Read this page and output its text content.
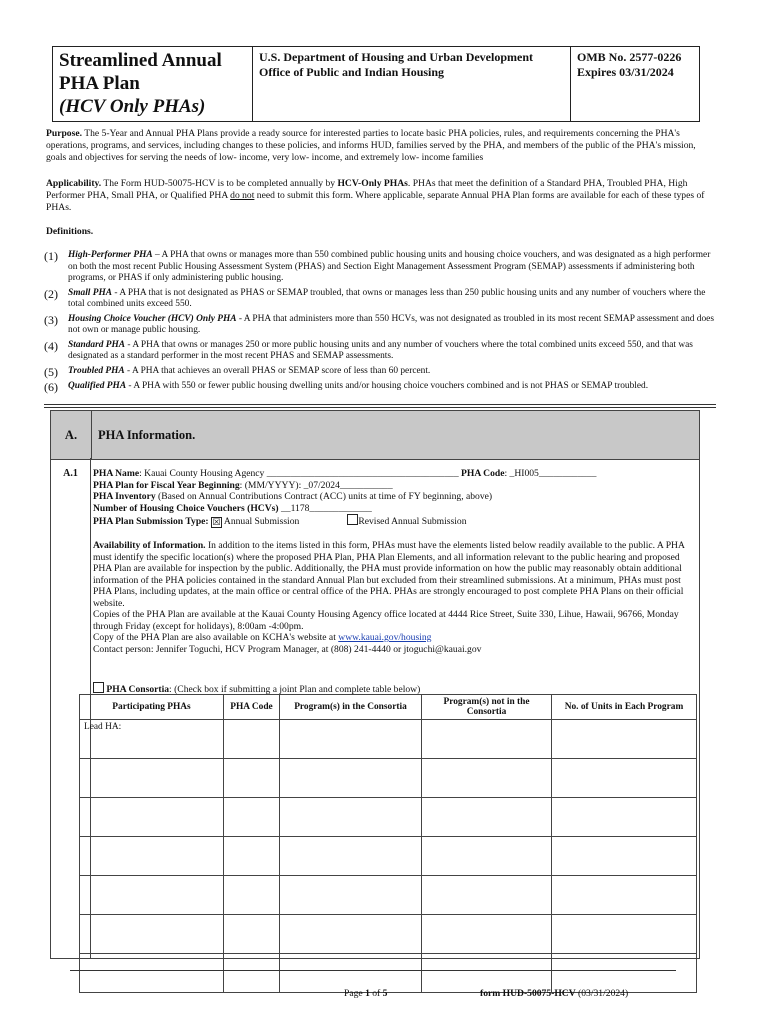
Streamlined Annual
PHA Plan
(HCV Only PHAs)
U.S. Department of Housing and Urban Development
Office of Public and Indian Housing
OMB No. 2577-0226
Expires 03/31/2024
Purpose. The 5-Year and Annual PHA Plans provide a ready source for interested parties to locate basic PHA policies, rules, and requirements concerning the PHA's operations, programs, and services, including changes to these policies, and informs HUD, families served by the PHA, and members of the public of the PHA's mission, goals and objectives for serving the needs of low- income, very low- income, and extremely low- income families
Applicability. The Form HUD-50075-HCV is to be completed annually by HCV-Only PHAs. PHAs that meet the definition of a Standard PHA, Troubled PHA, High Performer PHA, Small PHA, or Qualified PHA do not need to submit this form. Where applicable, separate Annual PHA Plan forms are available for each of these types of PHAs.
Definitions.
(1)	High-Performer PHA – A PHA that owns or manages more than 550 combined public housing units and housing choice vouchers, and was designated as a high performer on both the most recent Public Housing Assessment System (PHAS) and Section Eight Management Assessment Program (SEMAP) assessments if administering both programs, or PHAS if only administering public housing.
(2)	Small PHA - A PHA that is not designated as PHAS or SEMAP troubled, that owns or manages less than 250 public housing units and any number of vouchers where the total combined units exceed 550.
(3)	Housing Choice Voucher (HCV) Only PHA - A PHA that administers more than 550 HCVs, was not designated as troubled in its most recent SEMAP assessment and does not own or manage public housing.
(4)	Standard PHA - A PHA that owns or manages 250 or more public housing units and any number of vouchers where the total combined units exceed 550, and that was designated as a standard performer in the most recent PHAS and SEMAP assessments.
(5)	Troubled PHA - A PHA that achieves an overall PHAS or SEMAP score of less than 60 percent.
(6)	Qualified PHA - A PHA with 550 or fewer public housing dwelling units and/or housing choice vouchers combined and is not PHAS or SEMAP troubled.
A.	PHA Information.
A.1	PHA Name: Kauai County Housing Agency ________________________________________ PHA Code: _HI005____________
PHA Plan for Fiscal Year Beginning: (MM/YYYY): _07/2024___________
PHA Inventory (Based on Annual Contributions Contract (ACC) units at time of FY beginning, above)
Number of Housing Choice Vouchers (HCVs) __1178_____________
PHA Plan Submission Type: ☒ Annual Submission	Revised Annual Submission
Availability of Information. In addition to the items listed in this form, PHAs must have the elements listed below readily available to the public. A PHA must identify the specific location(s) where the proposed PHA Plan, PHA Plan Elements, and all information relevant to the public hearing and proposed PHA Plan are available for inspection by the public. Additionally, the PHA must provide information on how the public may reasonably obtain additional information of the PHA policies contained in the standard Annual Plan but excluded from their streamlined submissions. At a minimum, PHAs must post PHA Plans, including updates, at the main office or central office of the PHA. PHAs are strongly encouraged to post complete PHA Plans on their official website.
Copies of the PHA Plan are available at the Kauai County Housing Agency office located at 4444 Rice Street, Suite 330, Lihue, Hawaii, 96766, Monday through Friday (except for holidays), 8:00am -4:00pm.
Copy of the PHA Plan are also available on KCHA's website at www.kauai.gov/housing
Contact person: Jennifer Toguchi, HCV Program Manager, at (808) 241-4440 or jtoguchi@kauai.gov
PHA Consortia: (Check box if submitting a joint Plan and complete table below)
Participating PHAs	PHA Code	Program(s) in the Consortia	Program(s) not in the Consortia	No. of Units in Each Program
Lead HA:				

Page 1 of 5	form HUD-50075-HCV (03/31/2024)
